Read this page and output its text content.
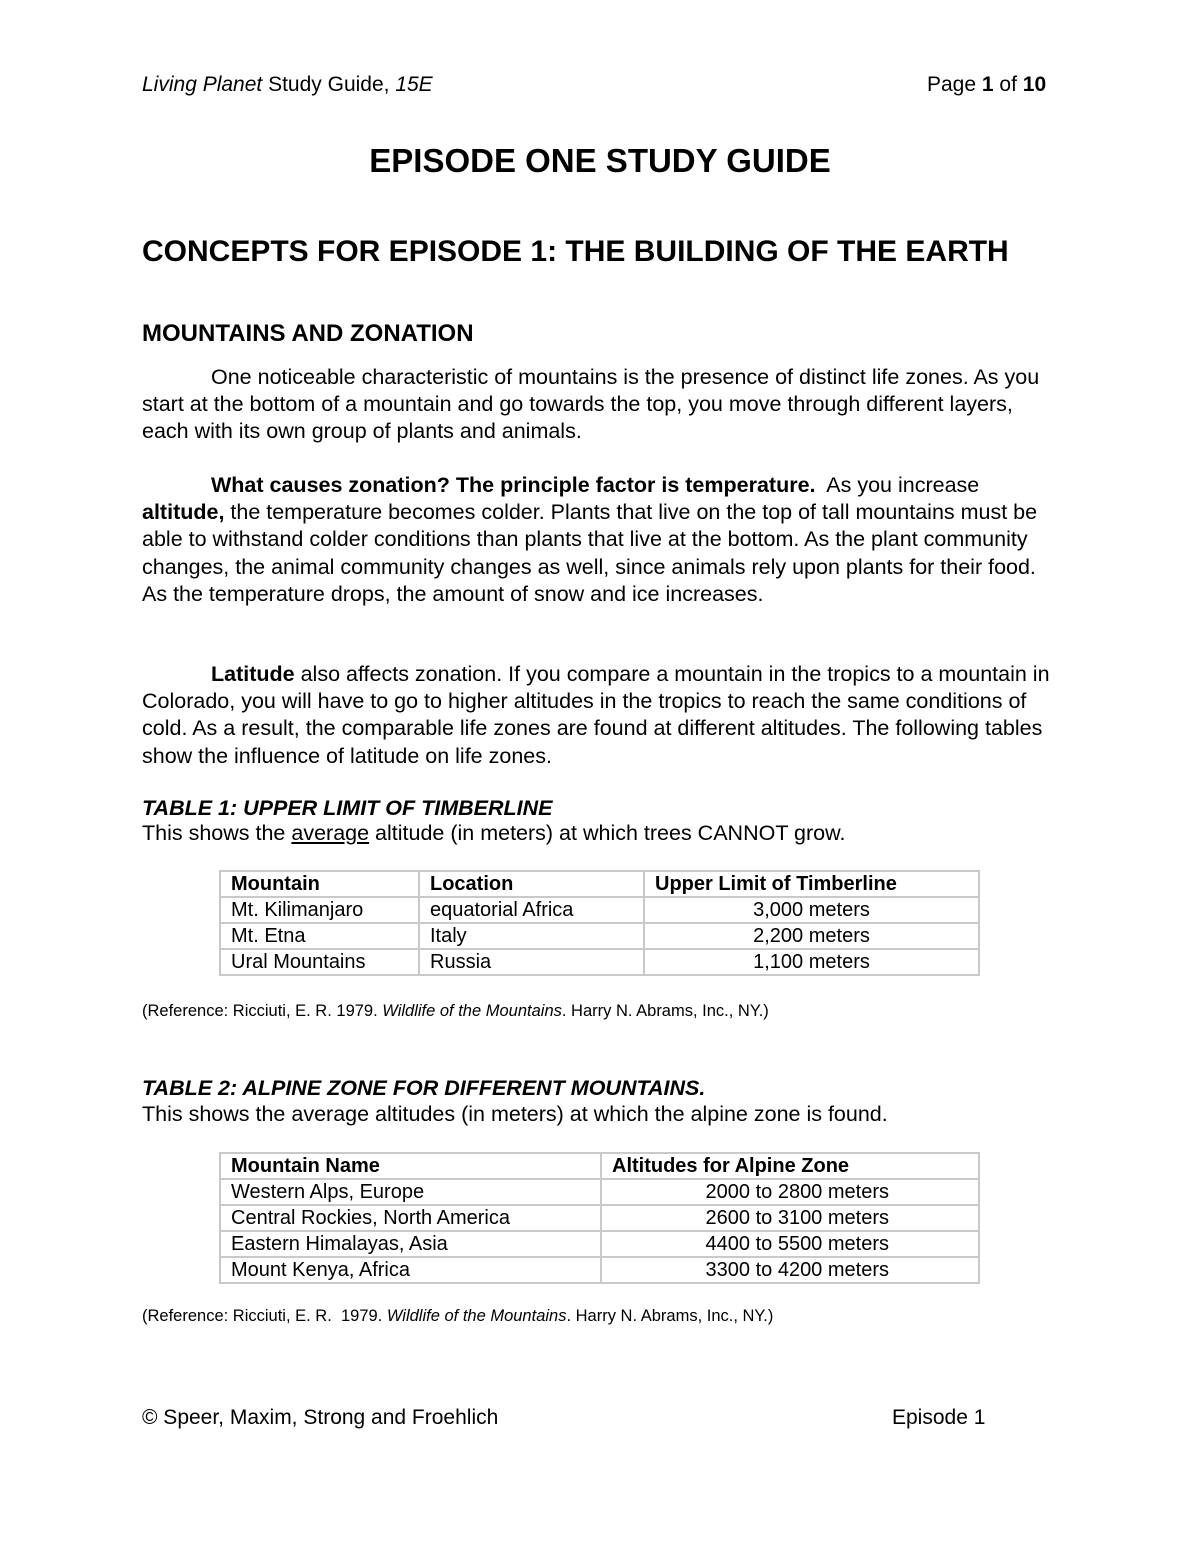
Living Planet Study Guide, 15E	Page 1 of 10
EPISODE ONE STUDY GUIDE
CONCEPTS FOR EPISODE 1: THE BUILDING OF THE EARTH
MOUNTAINS AND ZONATION
One noticeable characteristic of mountains is the presence of distinct life zones. As you start at the bottom of a mountain and go towards the top, you move through different layers, each with its own group of plants and animals.
What causes zonation? The principle factor is temperature.  As you increase altitude, the temperature becomes colder. Plants that live on the top of tall mountains must be able to withstand colder conditions than plants that live at the bottom. As the plant community changes, the animal community changes as well, since animals rely upon plants for their food. As the temperature drops, the amount of snow and ice increases.
Latitude also affects zonation. If you compare a mountain in the tropics to a mountain in Colorado, you will have to go to higher altitudes in the tropics to reach the same conditions of cold. As a result, the comparable life zones are found at different altitudes. The following tables show the influence of latitude on life zones.
TABLE 1: UPPER LIMIT OF TIMBERLINE
This shows the average altitude (in meters) at which trees CANNOT grow.
Mountain	Location	Upper Limit of Timberline
Mt. Kilimanjaro	equatorial Africa	3,000 meters
Mt. Etna	Italy	2,200 meters
Ural Mountains	Russia	1,100 meters
(Reference: Ricciuti, E. R. 1979. Wildlife of the Mountains. Harry N. Abrams, Inc., NY.)
TABLE 2: ALPINE ZONE FOR DIFFERENT MOUNTAINS.
This shows the average altitudes (in meters) at which the alpine zone is found.
Mountain Name	Altitudes for Alpine Zone
Western Alps, Europe	2000 to 2800 meters
Central Rockies, North America	2600 to 3100 meters
Eastern Himalayas, Asia	4400 to 5500 meters
Mount Kenya, Africa	3300 to 4200 meters
(Reference: Ricciuti, E. R.  1979. Wildlife of the Mountains. Harry N. Abrams, Inc., NY.)
© Speer, Maxim, Strong and Froehlich	Episode 1
